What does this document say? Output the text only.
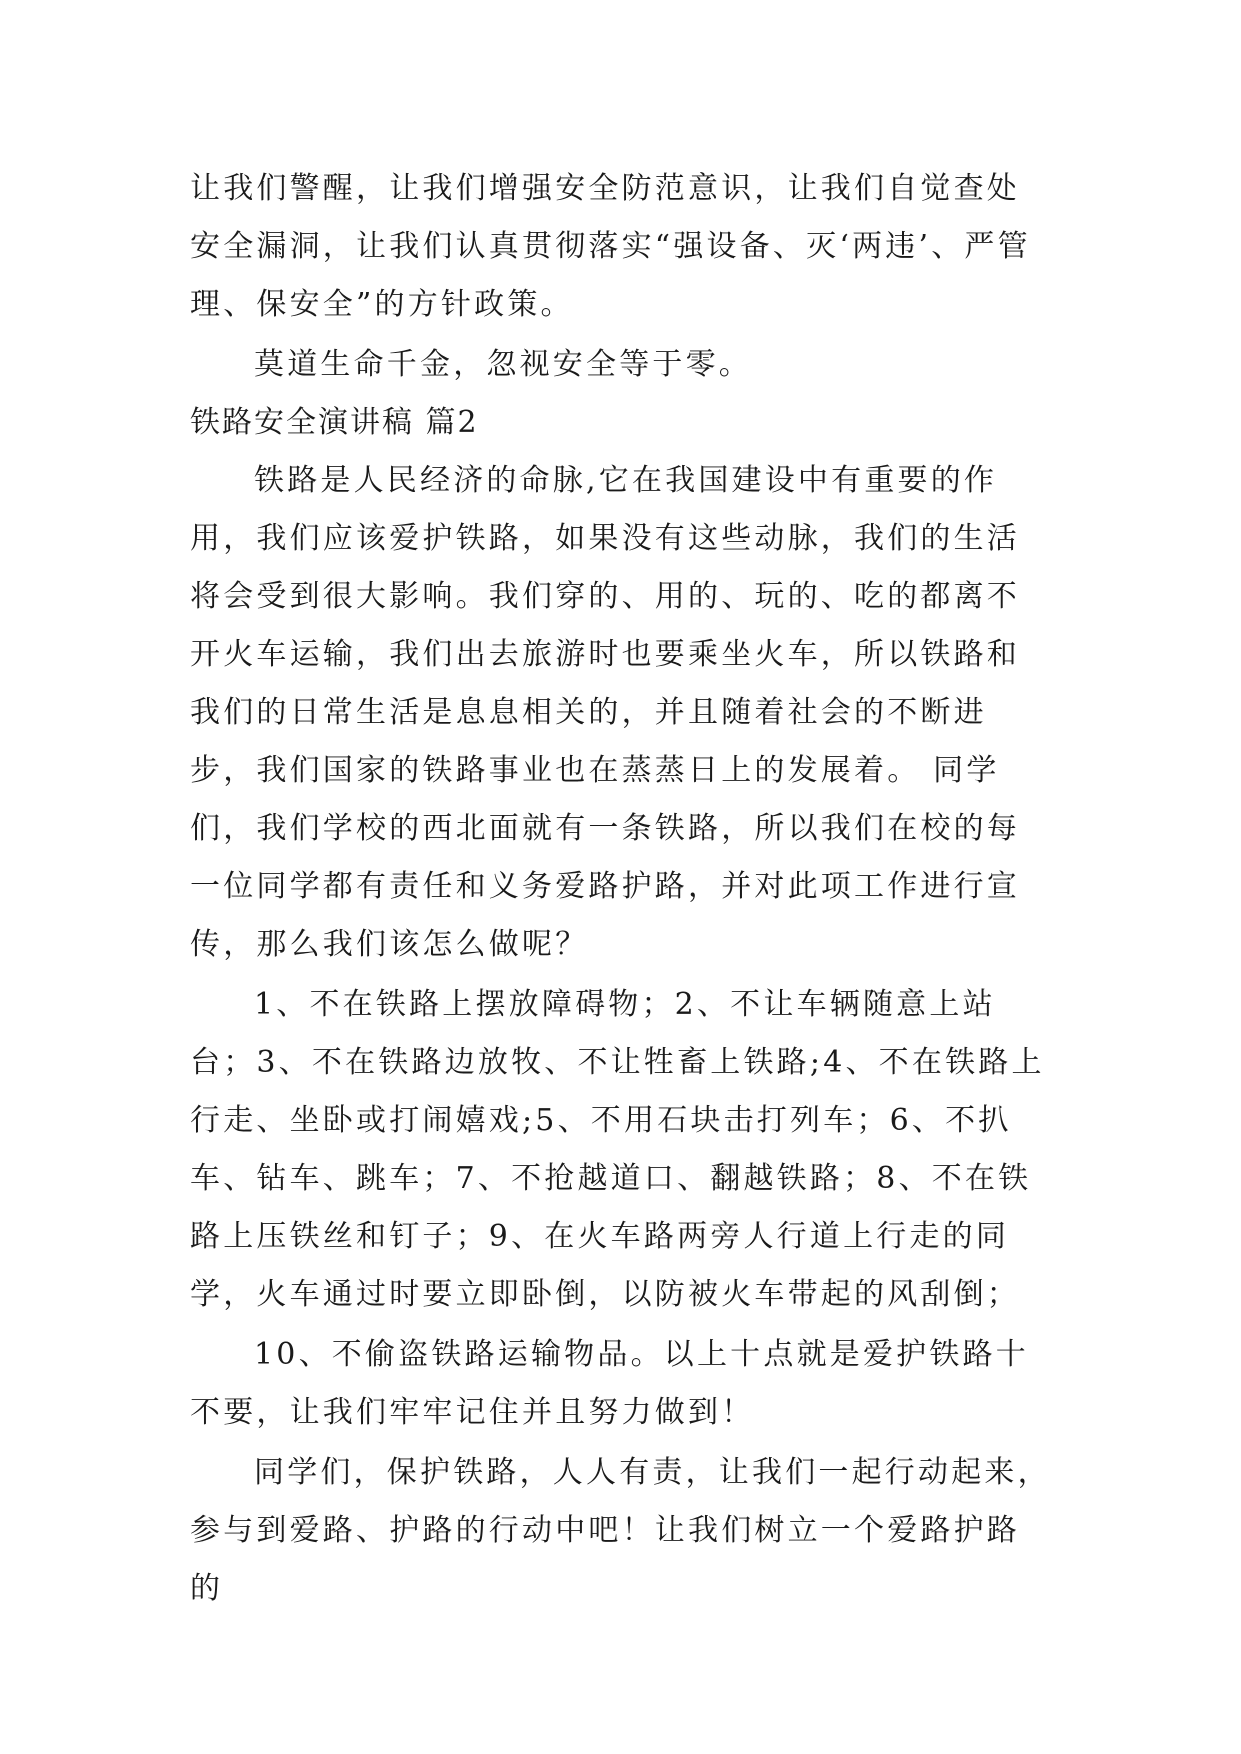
让我们警醒，让我们增强安全防范意识，让我们自觉查处安全漏洞，让我们认真贯彻落实“强设备、灭‘两违’、严管理、保安全”的方针政策。

莫道生命千金，忽视安全等于零。

铁路安全演讲稿 篇2

铁路是人民经济的命脉,它在我国建设中有重要的作用，我们应该爱护铁路，如果没有这些动脉，我们的生活将会受到很大影响。我们穿的、用的、玩的、吃的都离不开火车运输，我们出去旅游时也要乘坐火车，所以铁路和我们的日常生活是息息相关的，并且随着社会的不断进步，我们国家的铁路事业也在蒸蒸日上的发展着。 同学们，我们学校的西北面就有一条铁路，所以我们在校的每一位同学都有责任和义务爱路护路，并对此项工作进行宣传，那么我们该怎么做呢？

1、不在铁路上摆放障碍物；2、不让车辆随意上站台；3、不在铁路边放牧、不让牲畜上铁路;4、不在铁路上行走、坐卧或打闹嬉戏;5、不用石块击打列车；6、不扒车、钻车、跳车；7、不抢越道口、翻越铁路；8、不在铁路上压铁丝和钉子；9、在火车路两旁人行道上行走的同学，火车通过时要立即卧倒，以防被火车带起的风刮倒；

10、不偷盗铁路运输物品。以上十点就是爱护铁路十不要，让我们牢牢记住并且努力做到！

同学们，保护铁路，人人有责，让我们一起行动起来，参与到爱路、护路的行动中吧！让我们树立一个爱路护路的
